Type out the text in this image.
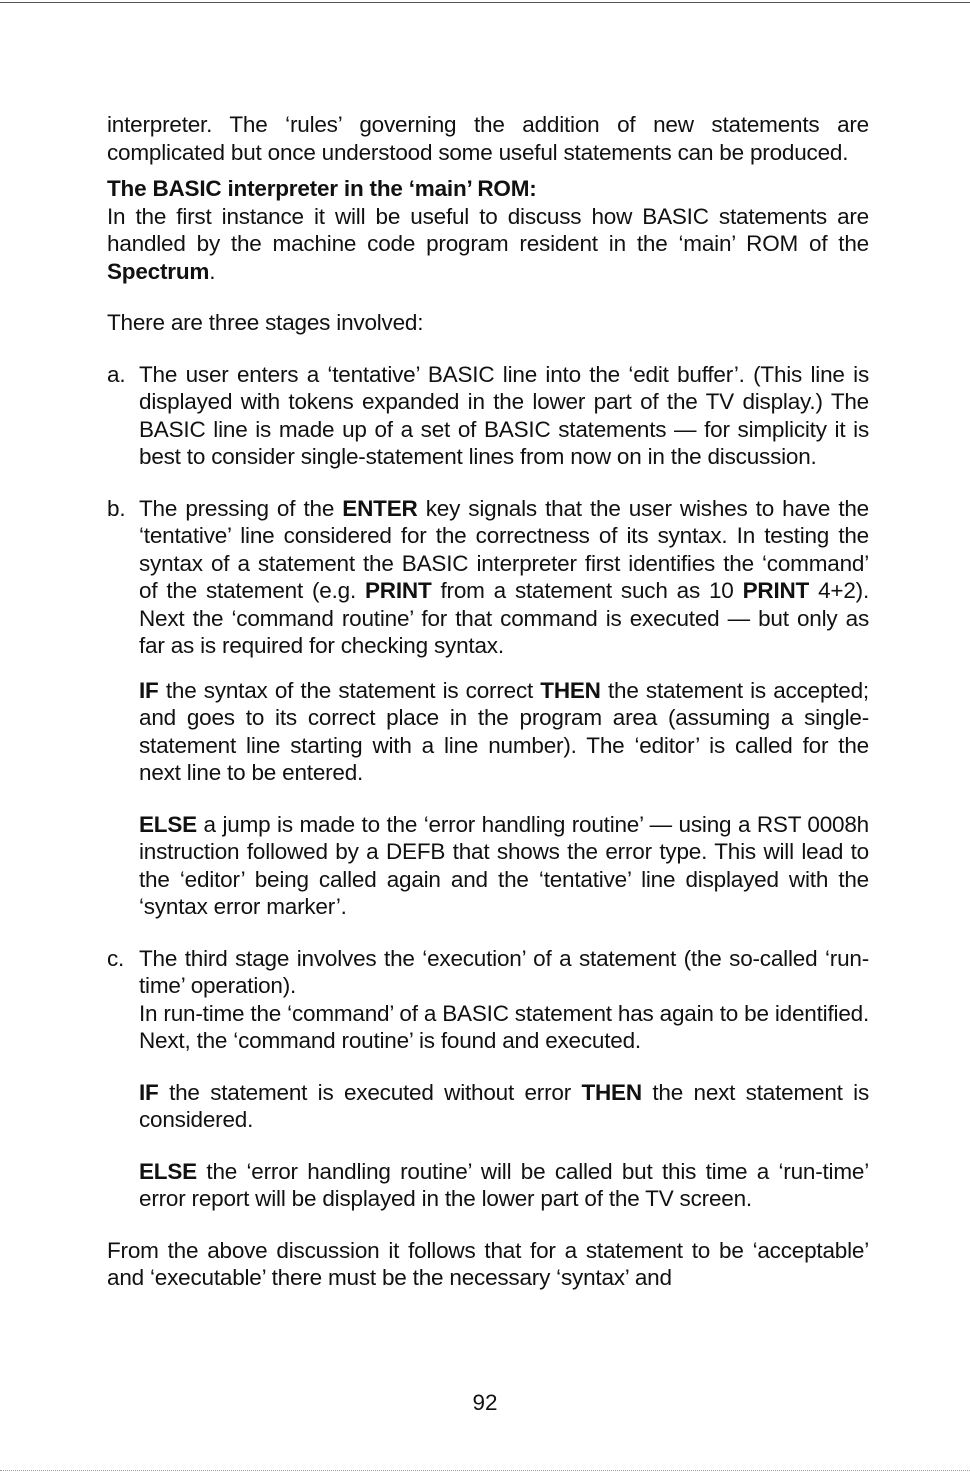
interpreter. The ‘rules’ governing the addition of new statements are complicated but once understood some useful statements can be produced.

The BASIC interpreter in the ‘main’ ROM:

In the first instance it will be useful to discuss how BASIC statements are handled by the machine code program resident in the ‘main’ ROM of the Spectrum.

There are three stages involved:

a. The user enters a ‘tentative’ BASIC line into the ‘edit buffer’. (This line is displayed with tokens expanded in the lower part of the TV display.) The BASIC line is made up of a set of BASIC statements — for simplicity it is best to consider single-statement lines from now on in the discussion.
b. The pressing of the ENTER key signals that the user wishes to have the ‘tentative’ line considered for the correctness of its syntax. In testing the syntax of a statement the BASIC interpreter first identifies the ‘command’ of the statement (e.g. PRINT from a statement such as 10 PRINT 4+2). Next the ‘command routine’ for that command is executed — but only as far as is required for checking syntax.

IF the syntax of the statement is correct THEN the statement is accepted; and goes to its correct place in the program area (assuming a single-statement line starting with a line number). The ‘editor’ is called for the next line to be entered.

ELSE a jump is made to the ‘error handling routine’ — using a RST 0008h instruction followed by a DEFB that shows the error type. This will lead to the ‘editor’ being called again and the ‘tentative’ line displayed with the ‘syntax error marker’.

c. The third stage involves the ‘execution’ of a statement (the so-called ‘run-time’ operation).
In run-time the ‘command’ of a BASIC statement has again to be identified. Next, the ‘command routine’ is found and executed.

IF the statement is executed without error THEN the next statement is considered.

ELSE the ‘error handling routine’ will be called but this time a ‘run-time’ error report will be displayed in the lower part of the TV screen.

From the above discussion it follows that for a statement to be ‘acceptable’ and ‘executable’ there must be the necessary ‘syntax’ and

92
